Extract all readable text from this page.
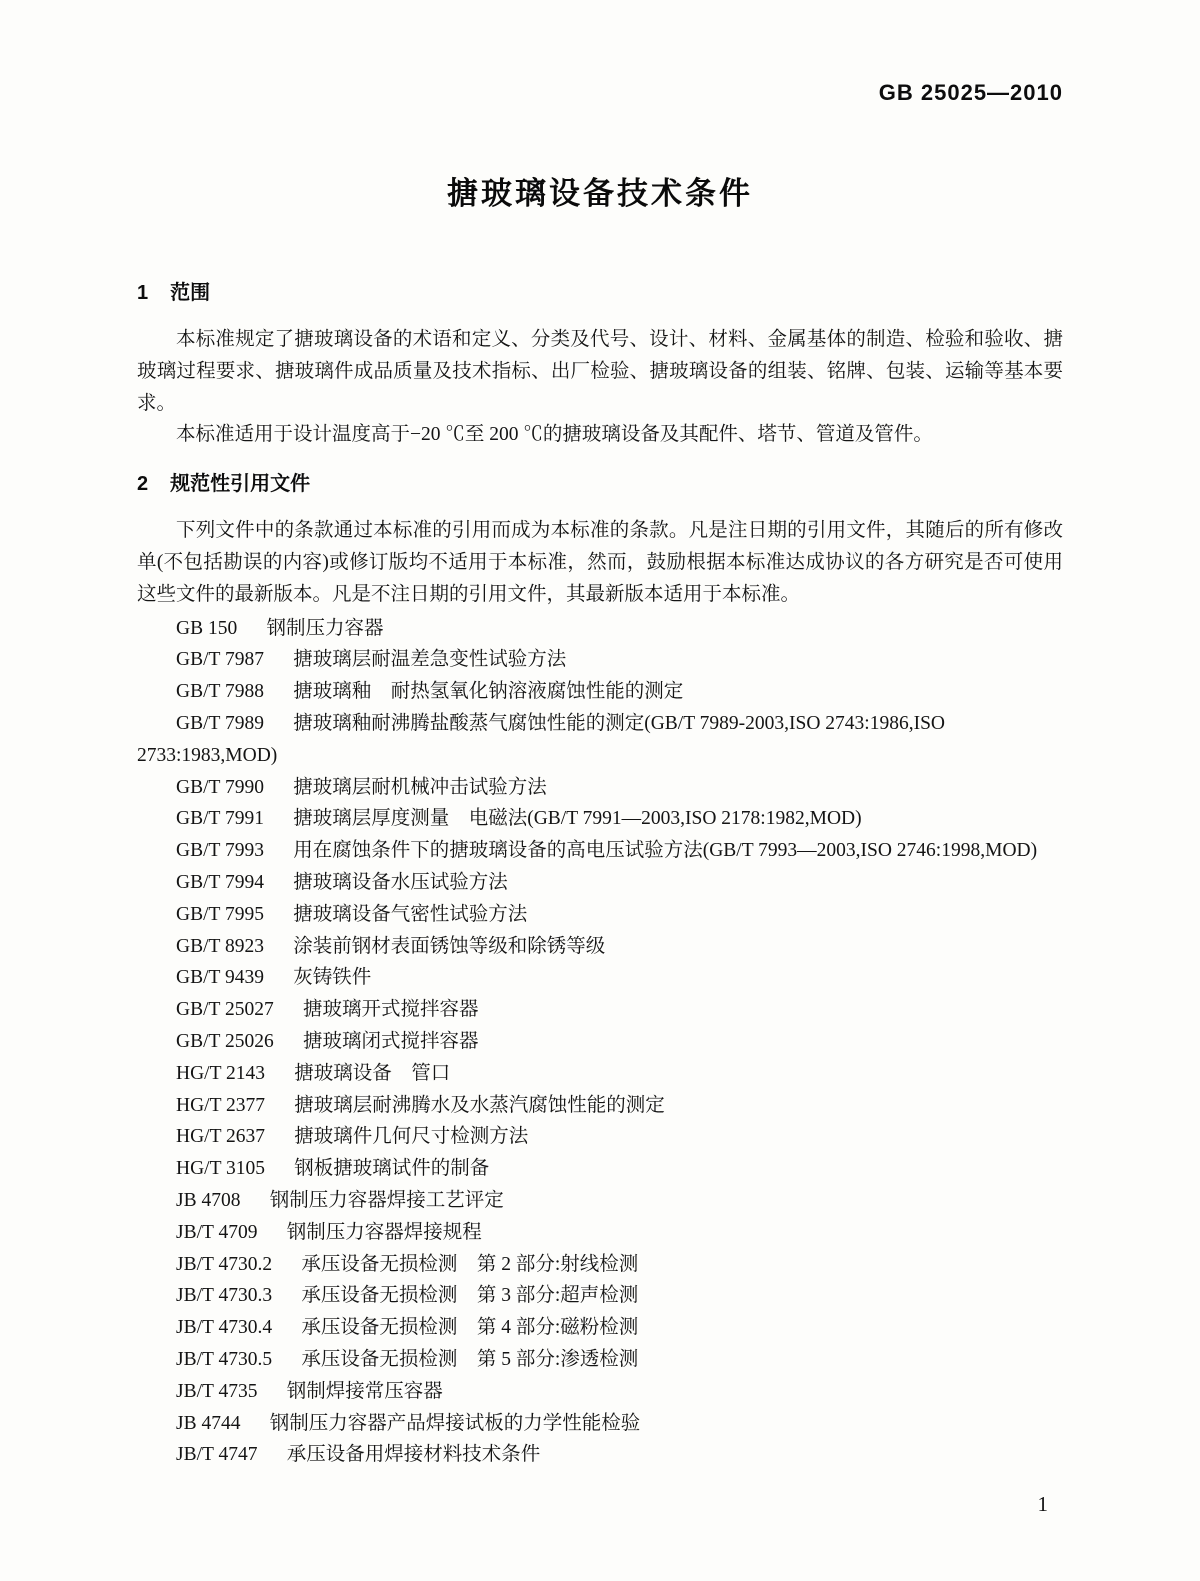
GB 25025—2010
搪玻璃设备技术条件
1 范围

本标准规定了搪玻璃设备的术语和定义、分类及代号、设计、材料、金属基体的制造、检验和验收、搪玻璃过程要求、搪玻璃件成品质量及技术指标、出厂检验、搪玻璃设备的组装、铭牌、包装、运输等基本要求。

本标准适用于设计温度高于−20 ℃至 200 ℃的搪玻璃设备及其配件、塔节、管道及管件。

2 规范性引用文件

下列文件中的条款通过本标准的引用而成为本标准的条款。凡是注日期的引用文件，其随后的所有修改单(不包括勘误的内容)或修订版均不适用于本标准，然而，鼓励根据本标准达成协议的各方研究是否可使用这些文件的最新版本。凡是不注日期的引用文件，其最新版本适用于本标准。

GB 150 钢制压力容器

GB/T 7987 搪玻璃层耐温差急变性试验方法

GB/T 7988 搪玻璃釉　耐热氢氧化钠溶液腐蚀性能的测定

GB/T 7989 搪玻璃釉耐沸腾盐酸蒸气腐蚀性能的测定(GB/T 7989-2003,ISO 2743:1986,ISO 2733:1983,MOD)

GB/T 7990 搪玻璃层耐机械冲击试验方法

GB/T 7991 搪玻璃层厚度测量　电磁法(GB/T 7991—2003,ISO 2178:1982,MOD)

GB/T 7993 用在腐蚀条件下的搪玻璃设备的高电压试验方法(GB/T 7993—2003,ISO 2746:1998,MOD)

GB/T 7994 搪玻璃设备水压试验方法

GB/T 7995 搪玻璃设备气密性试验方法

GB/T 8923 涂装前钢材表面锈蚀等级和除锈等级

GB/T 9439 灰铸铁件

GB/T 25027 搪玻璃开式搅拌容器

GB/T 25026 搪玻璃闭式搅拌容器

HG/T 2143 搪玻璃设备　管口

HG/T 2377 搪玻璃层耐沸腾水及水蒸汽腐蚀性能的测定

HG/T 2637 搪玻璃件几何尺寸检测方法

HG/T 3105 钢板搪玻璃试件的制备

JB 4708 钢制压力容器焊接工艺评定

JB/T 4709 钢制压力容器焊接规程

JB/T 4730.2 承压设备无损检测　第 2 部分:射线检测

JB/T 4730.3 承压设备无损检测　第 3 部分:超声检测

JB/T 4730.4 承压设备无损检测　第 4 部分:磁粉检测

JB/T 4730.5 承压设备无损检测　第 5 部分:渗透检测

JB/T 4735 钢制焊接常压容器

JB 4744 钢制压力容器产品焊接试板的力学性能检验

JB/T 4747 承压设备用焊接材料技术条件

1
